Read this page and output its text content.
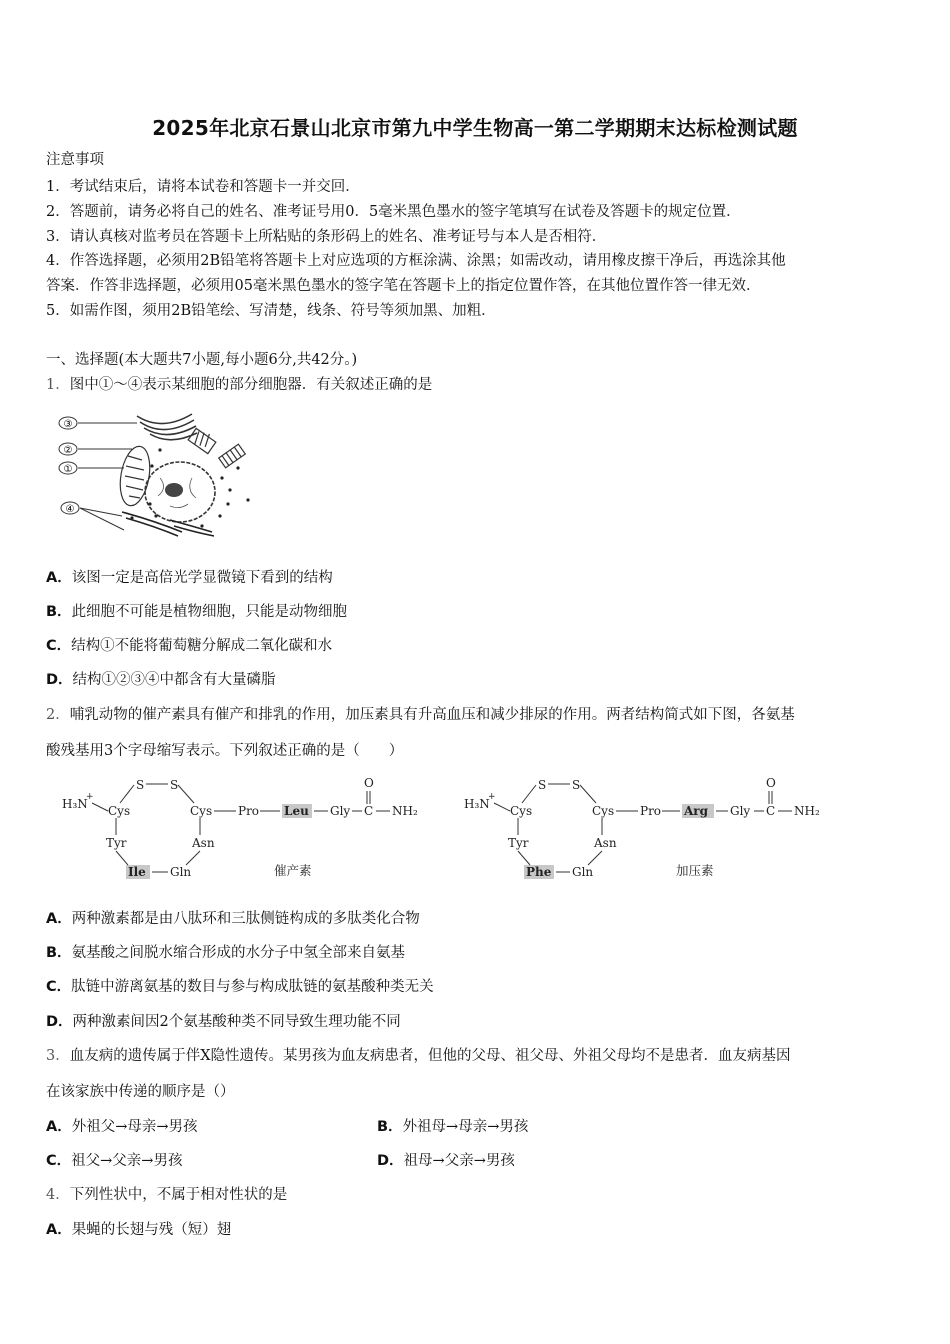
2025年北京石景山北京市第九中学生物高一第二学期期末达标检测试题
注意事项
1．考试结束后，请将本试卷和答题卡一并交回．
2．答题前，请务必将自己的姓名、准考证号用0．5毫米黑色墨水的签字笔填写在试卷及答题卡的规定位置．
3．请认真核对监考员在答题卡上所粘贴的条形码上的姓名、准考证号与本人是否相符．
4．作答选择题，必须用2B铅笔将答题卡上对应选项的方框涂满、涂黑；如需改动，请用橡皮擦干净后，再选涂其他
答案．作答非选择题，必须用05毫米黑色墨水的签字笔在答题卡上的指定位置作答，在其他位置作答一律无效．
5．如需作图，须用2B铅笔绘、写清楚，线条、符号等须加黑、加粗．
一、选择题(本大题共7小题,每小题6分,共42分。)
1．图中①～④表示某细胞的部分细胞器．有关叙述正确的是
③
②
①
④
A．该图一定是高倍光学显微镜下看到的结构
B．此细胞不可能是植物细胞，只能是动物细胞
C．结构①不能将葡萄糖分解成二氧化碳和水
D．结构①②③④中都含有大量磷脂
2．哺乳动物的催产素具有催产和排乳的作用，加压素具有升高血压和减少排尿的作用。两者结构简式如下图，各氨基
酸残基用3个字母缩写表示。下列叙述正确的是（　　）
H₃N
+
S S
Cys	Cys
Tyr	Asn
Ile Gln
Pro Leu Gly
O
C NH₂
催产素
H₃N
+
S S
Cys	Cys
Tyr	Asn
Phe Gln
Pro Arg Gly
O
C NH₂
加压素
A．两种激素都是由八肽环和三肽侧链构成的多肽类化合物
B．氨基酸之间脱水缩合形成的水分子中氢全部来自氨基
C．肽链中游离氨基的数目与参与构成肽链的氨基酸种类无关
D．两种激素间因2个氨基酸种类不同导致生理功能不同
3．血友病的遗传属于伴X隐性遗传。某男孩为血友病患者，但他的父母、祖父母、外祖父母均不是患者．血友病基因
在该家族中传递的顺序是（）
A．外祖父→母亲→男孩	B．外祖母→母亲→男孩
C．祖父→父亲→男孩	D．祖母→父亲→男孩
4．下列性状中，不属于相对性状的是
A．果蝇的长翅与残（短）翅
